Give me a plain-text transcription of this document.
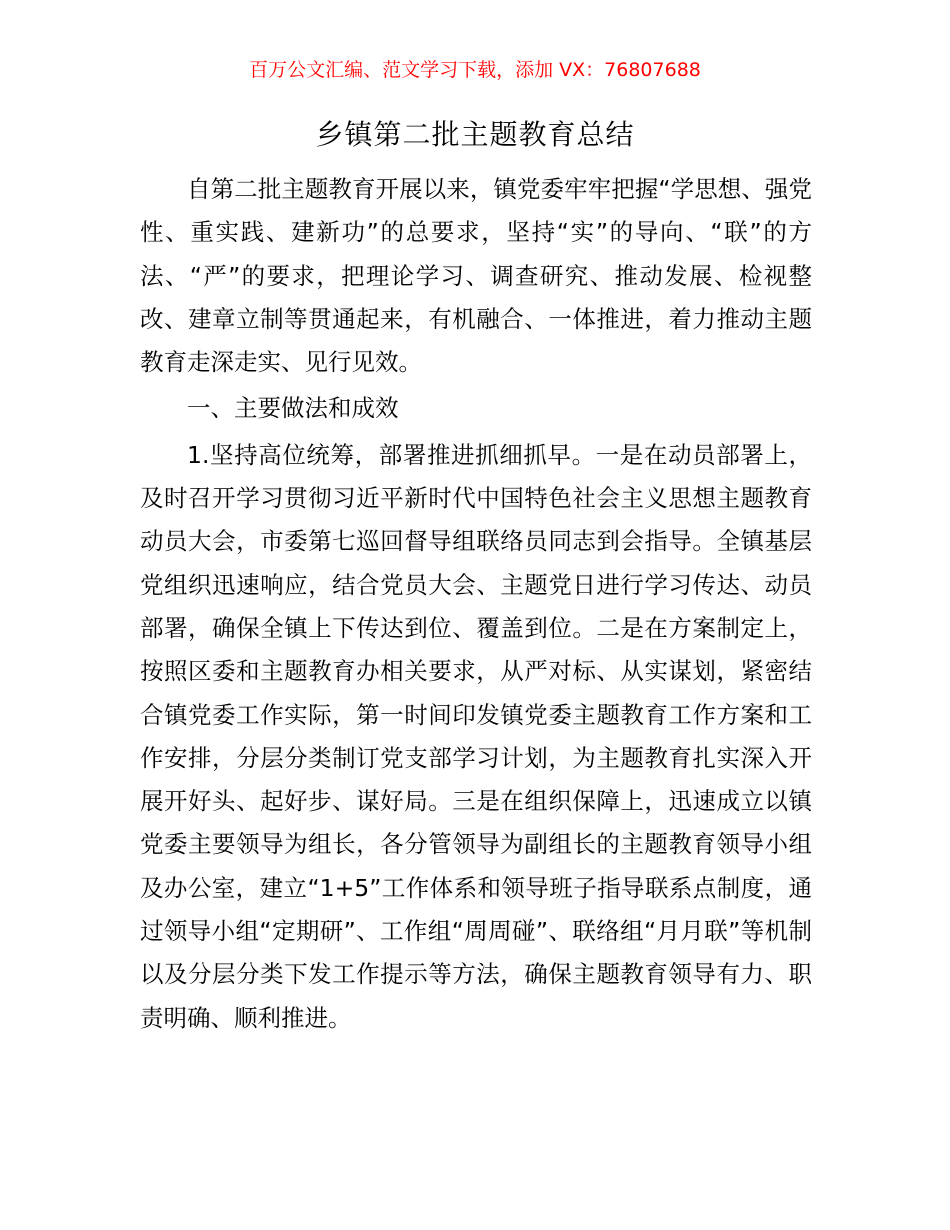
百万公文汇编、范文学习下载，添加 VX：76807688
乡镇第二批主题教育总结

自第二批主题教育开展以来，镇党委牢牢把握“学思想、强党性、重实践、建新功”的总要求，坚持“实”的导向、“联”的方法、“严”的要求，把理论学习、调查研究、推动发展、检视整改、建章立制等贯通起来，有机融合、一体推进，着力推动主题教育走深走实、见行见效。

一、主要做法和成效

1.坚持高位统筹，部署推进抓细抓早。一是在动员部署上，及时召开学习贯彻习近平新时代中国特色社会主义思想主题教育动员大会，市委第七巡回督导组联络员同志到会指导。全镇基层党组织迅速响应，结合党员大会、主题党日进行学习传达、动员部署，确保全镇上下传达到位、覆盖到位。二是在方案制定上，按照区委和主题教育办相关要求，从严对标、从实谋划，紧密结合镇党委工作实际，第一时间印发镇党委主题教育工作方案和工作安排，分层分类制订党支部学习计划，为主题教育扎实深入开展开好头、起好步、谋好局。三是在组织保障上，迅速成立以镇党委主要领导为组长，各分管领导为副组长的主题教育领导小组及办公室，建立“1+5”工作体系和领导班子指导联系点制度，通过领导小组“定期研”、工作组“周周碰”、联络组“月月联”等机制以及分层分类下发工作提示等方法，确保主题教育领导有力、职责明确、顺利推进。
